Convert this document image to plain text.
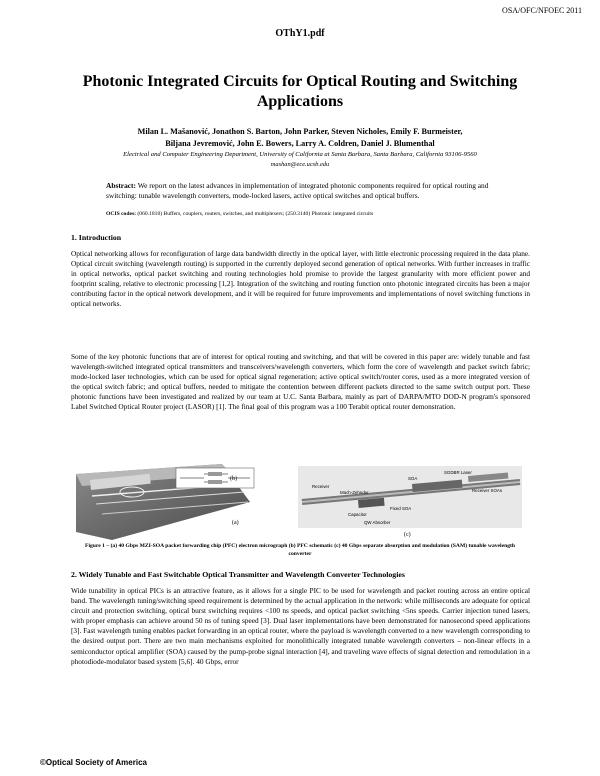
OSA/OFC/NFOEC 2011
OThY1.pdf
Photonic Integrated Circuits for Optical Routing and Switching Applications
Milan L. Mašanović, Jonathon S. Barton, John Parker, Steven Nicholes, Emily F. Burmeister,
Biljana Jevremović, John E. Bowers, Larry A. Coldren, Daniel J. Blumenthal
Electrical and Computer Engineering Department, University of California at Santa Barbara, Santa Barbara, California 93106-9560
mashan@ece.ucsb.edu
Abstract: We report on the latest advances in implementation of integrated photonic components required for optical routing and switching: tunable wavelength converters, mode-locked lasers, active optical switches and optical buffers.
OCIS codes: (060.1810) Buffers, couplers, routers, switches, and multiplexers; (250.3140) Photonic integrated circuits
1. Introduction
Optical networking allows for reconfiguration of large data bandwidth directly in the optical layer, with little electronic processing required in the data plane. Optical circuit switching (wavelength routing) is supported in the currently deployed second generation of optical networks. With further increases in traffic in optical networks, optical packet switching and routing technologies hold promise to provide the largest granularity with more efficient power and footprint scaling, relative to electronic processing [1,2]. Integration of the switching and routing function onto photonic integrated circuits has been a major contributing factor in the optical network development, and it will be required for future improvements and implementations of novel switching functions in optical networks.
Some of the key photonic functions that are of interest for optical routing and switching, and that will be covered in this paper are: widely tunable and fast wavelength-switched integrated optical transmitters and transceivers/wavelength converters, which form the core of wavelength and packet switch fabric; mode-locked laser technologies, which can be used for optical signal regeneration; active optical switch/router cores, used as a more integrated version of the optical switch fabric; and optical buffers, needed to mitigate the contention between different packets directed to the same switch output port. These photonic functions have been investigated and realized by our team at U.C. Santa Barbara, mainly as part of DARPA/MTO DOD-N program's sponsored Label Switched Optical Router project (LASOR) [1]. The final goal of this program was a 100 Terabit optical router demonstration.
(b)
(a)
SOA
SGDBR Laser
Receiver
Mach-Zehnder	Receiver SOAs
Capacitor
Fixed SOA
QW Absorber
(c)
Figure 1 – (a) 40 Gbps MZI-SOA packet forwarding chip (PFC) electron micrograph (b) PFC schematic (c) 40 Gbps separate absorption and modulation (SAM) tunable wavelength converter
2. Widely Tunable and Fast Switchable Optical Transmitter and Wavelength Converter Technologies
Wide tunability in optical PICs is an attractive feature, as it allows for a single PIC to be used for wavelength and packet routing across an entire optical band. The wavelength tuning/switching speed requirement is determined by the actual application in the network: while milliseconds are adequate for optical circuit and protection switching, optical burst switching requires <100 ns speeds, and optical packet switching <5ns speeds. Carrier injection tuned lasers, with proper emphasis can achieve around 50 ns of tuning speed [3]. Dual laser implementations have been demonstrated for nanosecond speed applications [3]. Fast wavelength tuning enables packet forwarding in an optical router, where the payload is wavelength converted to a new wavelength corresponding to the desired output port. There are two main mechanisms exploited for monolithically integrated tunable wavelength converters – non-linear effects in a semiconductor optical amplifier (SOA) caused by the pump-probe signal interaction [4], and traveling wave effects of signal detection and remodulation in a photodiode-modulator based system [5,6]. 40 Gbps, error
©Optical Society of America
